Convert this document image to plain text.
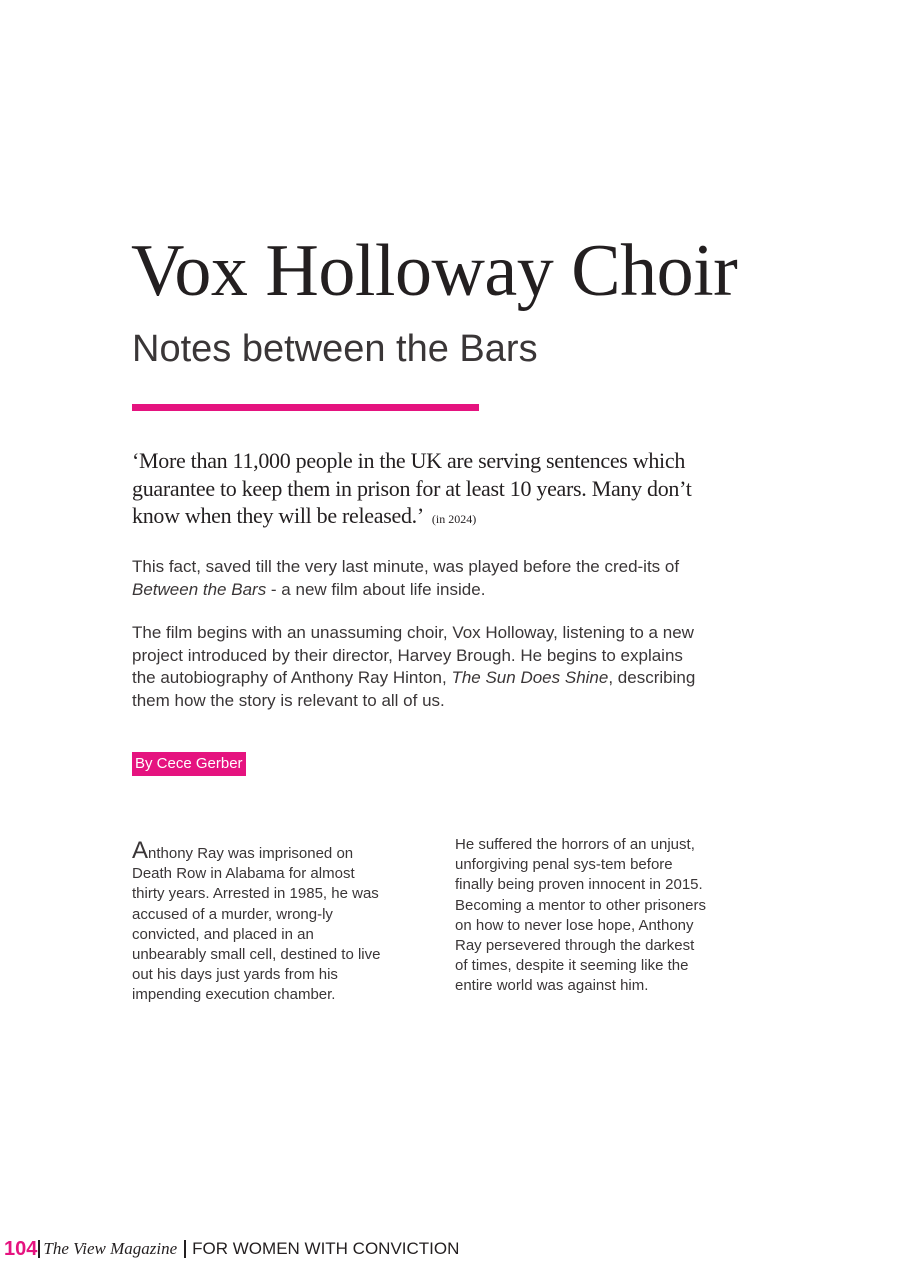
Vox Holloway Choir
Notes between the Bars

‘More than 11,000 people in the UK are serving sentences which guarantee to keep them in prison for at least 10 years. Many don’t know when they will be released.’ (in 2024)

This fact, saved till the very last minute, was played before the cred-its of Between the Bars - a new film about life inside.

The film begins with an unassuming choir, Vox Holloway, listening to a new project introduced by their director, Harvey Brough. He begins to explains the autobiography of Anthony Ray Hinton, The Sun Does Shine, describing them how the story is relevant to all of us.

By Cece Gerber

Anthony Ray was imprisoned on Death Row in Alabama for almost thirty years. Arrested in 1985, he was accused of a murder, wrong-ly convicted, and placed in an unbearably small cell, destined to live out his days just yards from his impending execution chamber.

He suffered the horrors of an unjust, unforgiving penal sys-tem before finally being proven innocent in 2015. Becoming a mentor to other prisoners on how to never lose hope, Anthony Ray persevered through the darkest of times, despite it seeming like the entire world was against him.

104 The View Magazine FOR WOMEN WITH CONVICTION
